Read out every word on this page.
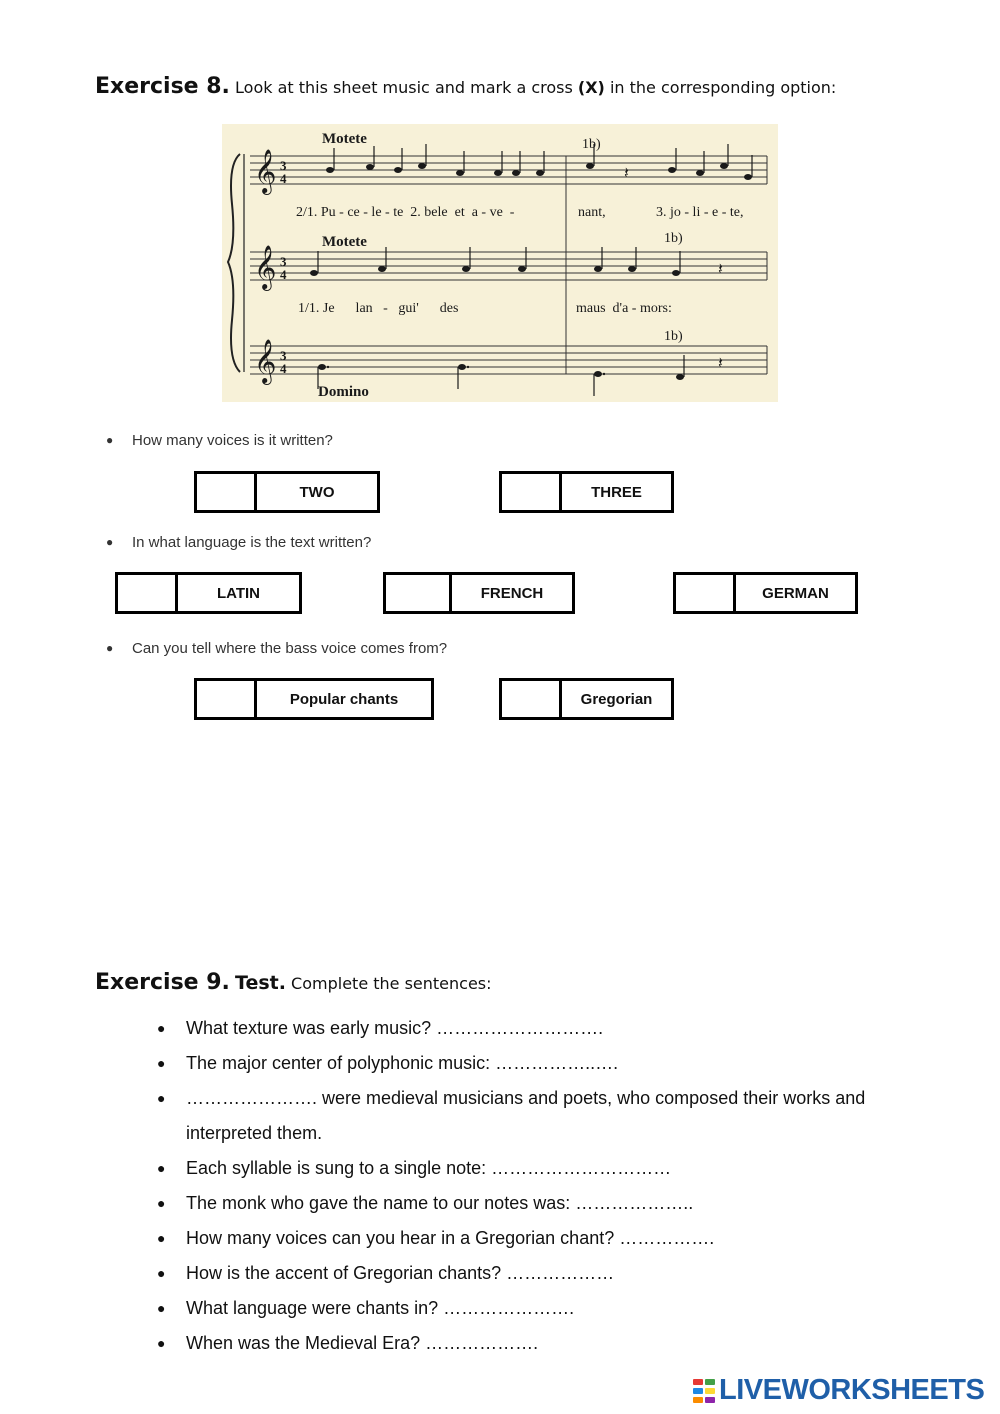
Exercise 8. Look at this sheet music and mark a cross (X) in the corresponding option:
𝄞
𝄞
𝄞
3
4
3
4
3
4
𝄽
𝄽
𝄽
Motete	1b)
2/1. Pu - ce - le - te  2. bele  et  a - ve  -	nant,	3. jo - li - e - te,
Motete	1b)
1/1. Je      lan   -   gui'      des	maus  d'a - mors:
1b)
Domino
● How many voices is it written?
TWO	THREE
● In what language is the text written?
LATIN	FRENCH	GERMAN
● Can you tell where the bass voice comes from?
Popular chants	Gregorian
Exercise 9. Test. Complete the sentences:
● What texture was early music? ……………………….
● The major center of polyphonic music: ……………..….
● …………………. were medieval musicians and poets, who composed their works and interpreted them.
● Each syllable is sung to a single note: …………………………
● The monk who gave the name to our notes was: ………………..
● How many voices can you hear in a Gregorian chant? …………….
● How is the accent of Gregorian chants? ………………
● What language were chants in? ………………….
● When was the Medieval Era? ……………….
LIVEWORKSHEETS
